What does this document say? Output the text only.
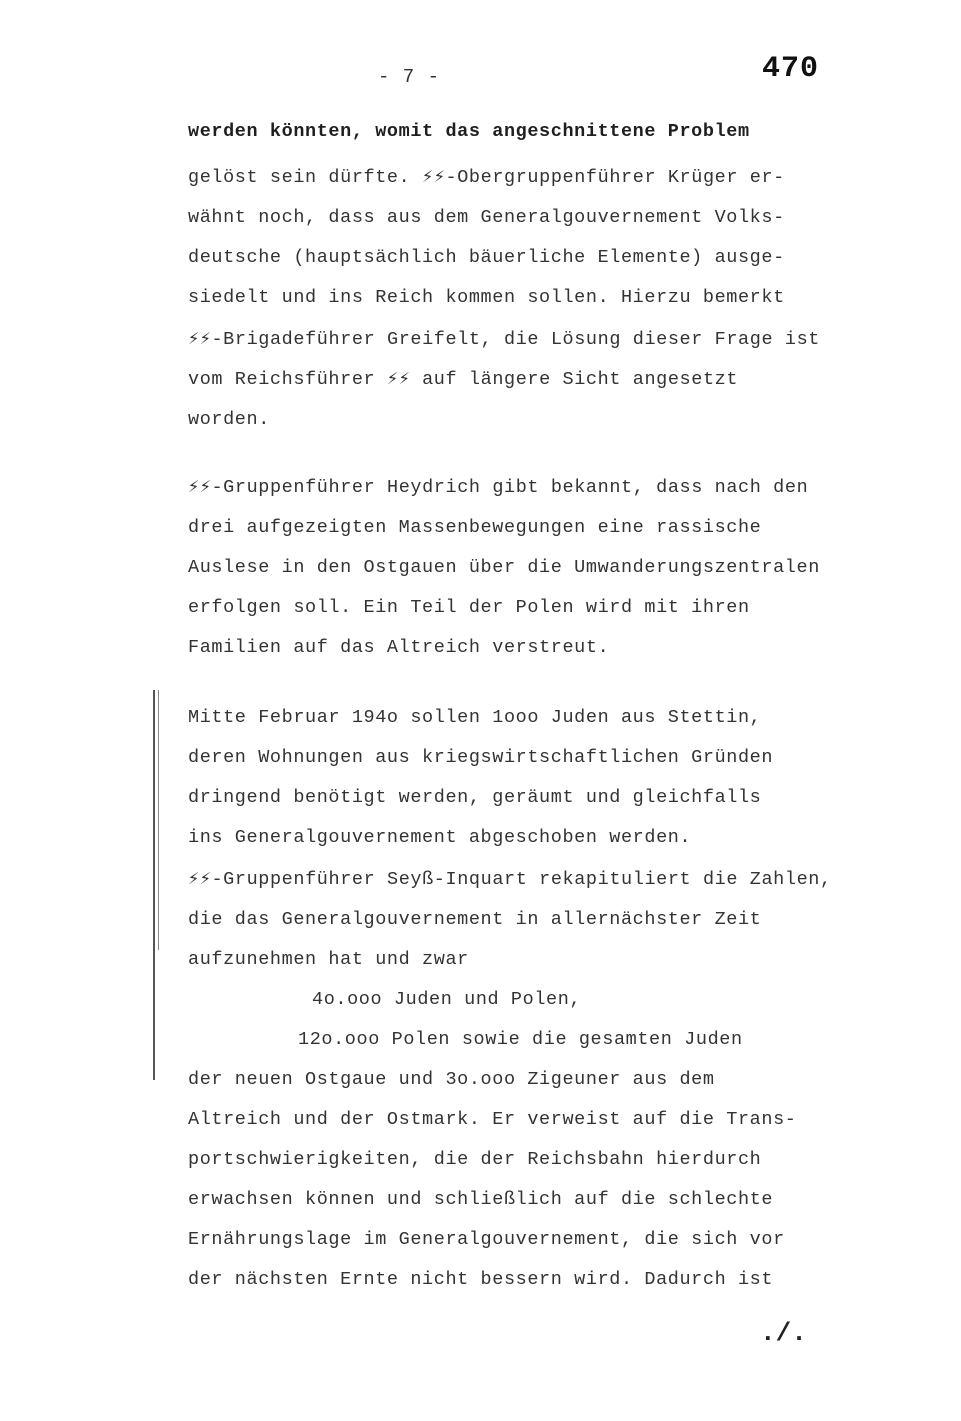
- 7 -	470
werden könnten, womit das angeschnittene Problem
gelöst sein dürfte. ⚡⚡-Obergruppenführer Krüger er-
wähnt noch, dass aus dem Generalgouvernement Volks-
deutsche (hauptsächlich bäuerliche Elemente) ausge-
siedelt und ins Reich kommen sollen. Hierzu bemerkt
⚡⚡-Brigadeführer Greifelt, die Lösung dieser Frage ist
vom Reichsführer ⚡⚡ auf längere Sicht angesetzt
worden.
⚡⚡-Gruppenführer Heydrich gibt bekannt, dass nach den
drei aufgezeigten Massenbewegungen eine rassische
Auslese in den Ostgauen über die Umwanderungszentralen
erfolgen soll. Ein Teil der Polen wird mit ihren
Familien auf das Altreich verstreut.
Mitte Februar 194o sollen 1ooo Juden aus Stettin,
deren Wohnungen aus kriegswirtschaftlichen Gründen
dringend benötigt werden, geräumt und gleichfalls
ins Generalgouvernement abgeschoben werden.
⚡⚡-Gruppenführer Seyß-Inquart rekapituliert die Zahlen,
die das Generalgouvernement in allernächster Zeit
aufzunehmen hat und zwar
4o.ooo Juden und Polen,
12o.ooo Polen sowie die gesamten Juden
der neuen Ostgaue und 3o.ooo Zigeuner aus dem
Altreich und der Ostmark. Er verweist auf die Trans-
portschwierigkeiten, die der Reichsbahn hierdurch
erwachsen können und schließlich auf die schlechte
Ernährungslage im Generalgouvernement, die sich vor
der nächsten Ernte nicht bessern wird. Dadurch ist
./.
